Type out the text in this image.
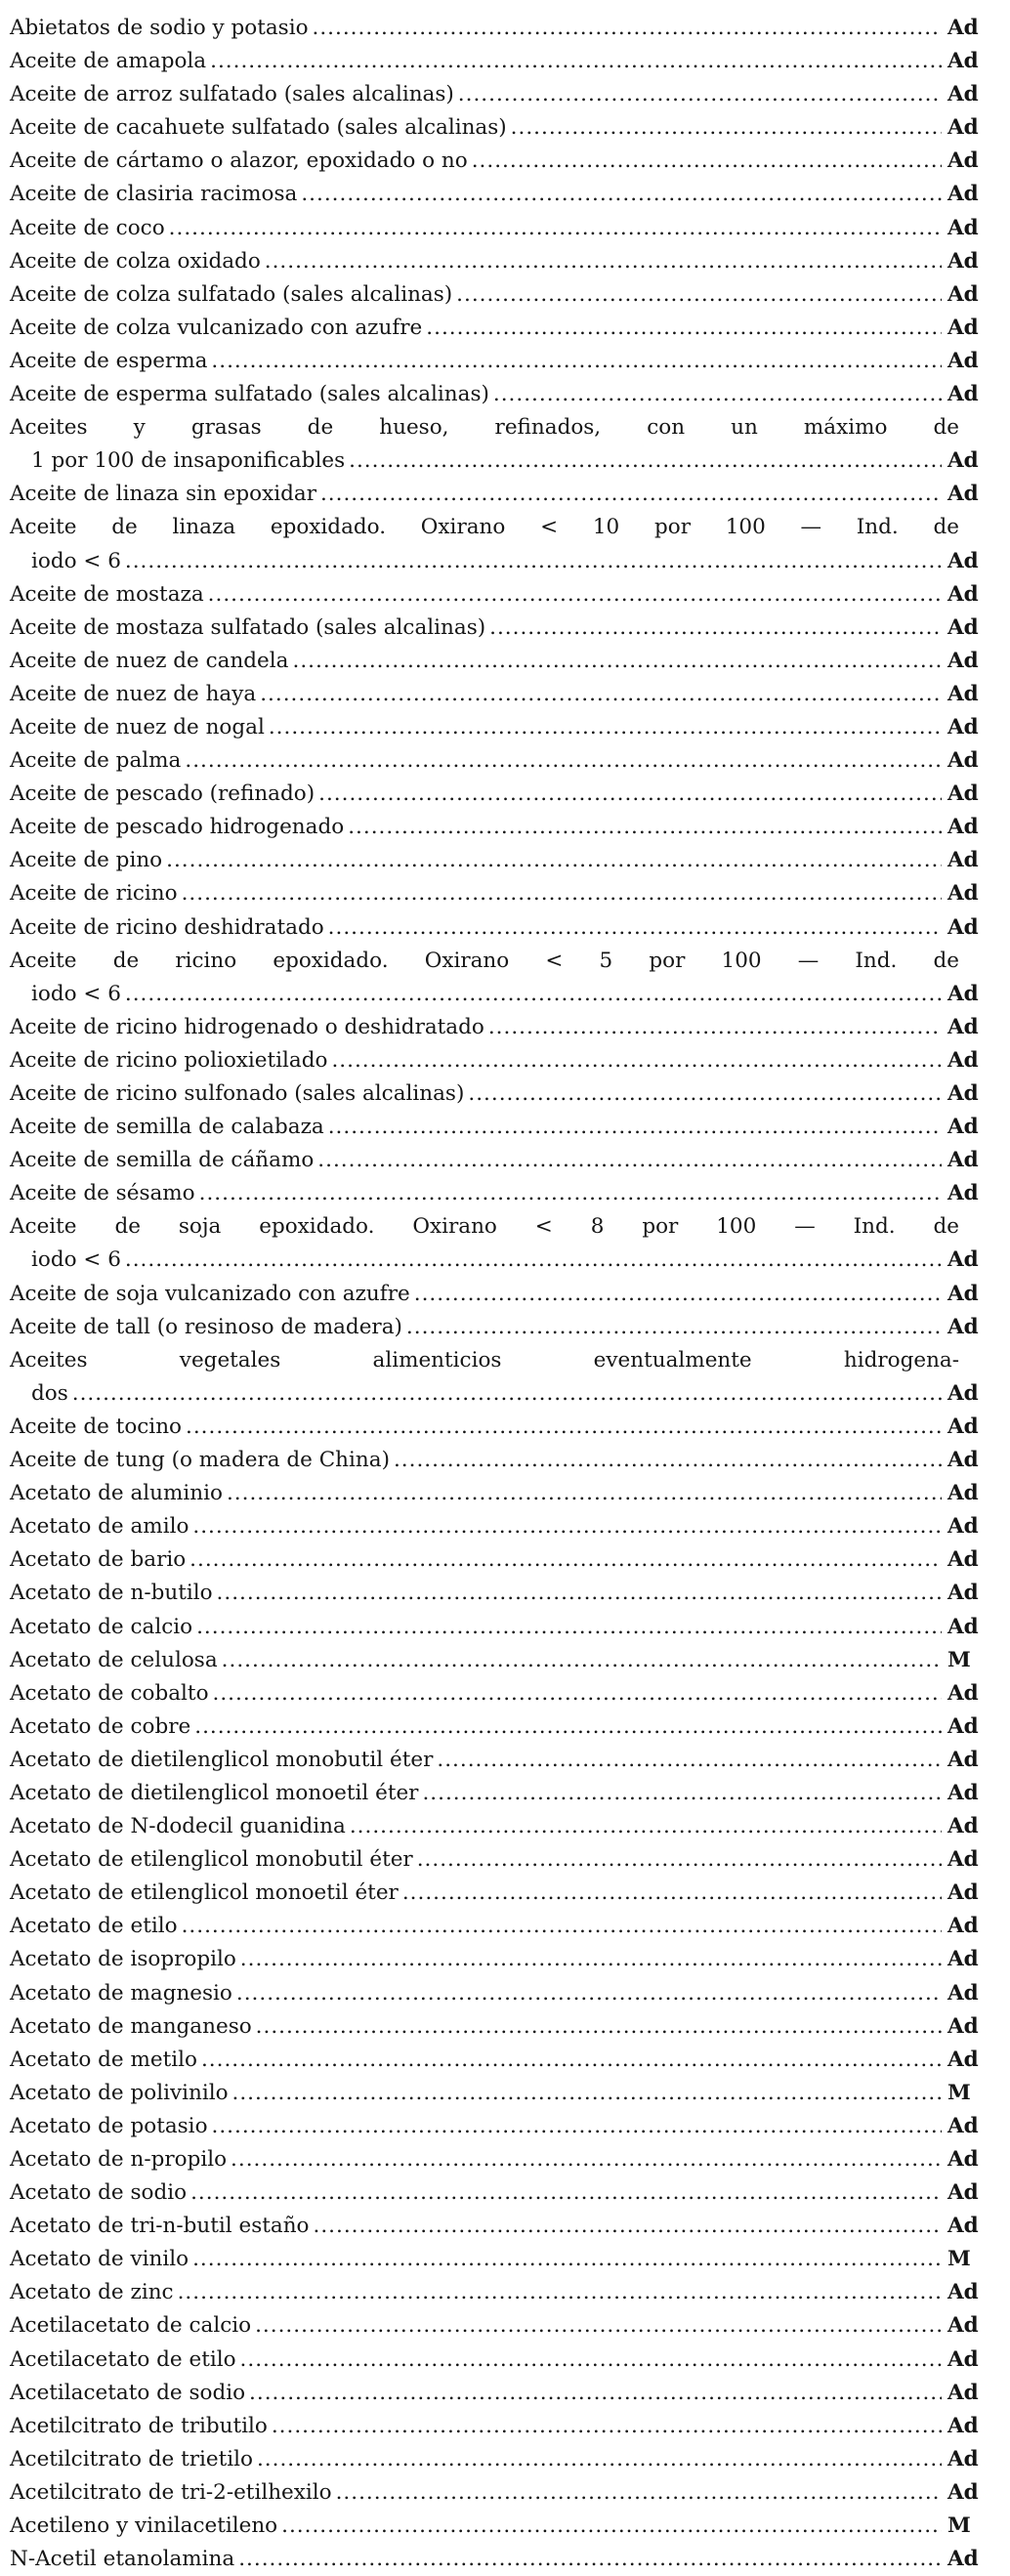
Abietatos de sodio y potasio .....	Ad
Aceite de amapola .....	Ad
Aceite de arroz sulfatado (sales alcalinas) .....	Ad
Aceite de cacahuete sulfatado (sales alcalinas) .....	Ad
Aceite de cártamo o alazor, epoxidado o no .....	Ad
Aceite de clasiria racimosa .....	Ad
Aceite de coco .....	Ad
Aceite de colza oxidado .....	Ad
Aceite de colza sulfatado (sales alcalinas) .....	Ad
Aceite de colza vulcanizado con azufre .....	Ad
Aceite de esperma .....	Ad
Aceite de esperma sulfatado (sales alcalinas) .....	Ad
Aceites y grasas de hueso, refinados, con un máximo de
1 por 100 de insaponificables .....	Ad
Aceite de linaza sin epoxidar .....	Ad
Aceite de linaza epoxidado. Oxirano < 10 por 100 — Ind. de
iodo < 6 .....	Ad
Aceite de mostaza .....	Ad
Aceite de mostaza sulfatado (sales alcalinas) .....	Ad
Aceite de nuez de candela .....	Ad
Aceite de nuez de haya .....	Ad
Aceite de nuez de nogal .....	Ad
Aceite de palma .....	Ad
Aceite de pescado (refinado) .....	Ad
Aceite de pescado hidrogenado .....	Ad
Aceite de pino .....	Ad
Aceite de ricino .....	Ad
Aceite de ricino deshidratado .....	Ad
Aceite de ricino epoxidado. Oxirano < 5 por 100 — Ind. de
iodo < 6 .....	Ad
Aceite de ricino hidrogenado o deshidratado .....	Ad
Aceite de ricino polioxietilado .....	Ad
Aceite de ricino sulfonado (sales alcalinas) .....	Ad
Aceite de semilla de calabaza .....	Ad
Aceite de semilla de cáñamo .....	Ad
Aceite de sésamo .....	Ad
Aceite de soja epoxidado. Oxirano < 8 por 100 — Ind. de
iodo < 6 .....	Ad
Aceite de soja vulcanizado con azufre .....	Ad
Aceite de tall (o resinoso de madera) .....	Ad
Aceites vegetales alimenticios eventualmente hidrogena-
dos .....	Ad
Aceite de tocino .....	Ad
Aceite de tung (o madera de China) .....	Ad
Acetato de aluminio .....	Ad
Acetato de amilo .....	Ad
Acetato de bario .....	Ad
Acetato de n-butilo .....	Ad
Acetato de calcio .....	Ad
Acetato de celulosa .....	M
Acetato de cobalto .....	Ad
Acetato de cobre .....	Ad
Acetato de dietilenglicol monobutil éter .....	Ad
Acetato de dietilenglicol monoetil éter .....	Ad
Acetato de N-dodecil guanidina .....	Ad
Acetato de etilenglicol monobutil éter .....	Ad
Acetato de etilenglicol monoetil éter .....	Ad
Acetato de etilo .....	Ad
Acetato de isopropilo .....	Ad
Acetato de magnesio .....	Ad
Acetato de manganeso .....	Ad
Acetato de metilo .....	Ad
Acetato de polivinilo .....	M
Acetato de potasio .....	Ad
Acetato de n-propilo .....	Ad
Acetato de sodio .....	Ad
Acetato de tri-n-butil estaño .....	Ad
Acetato de vinilo .....	M
Acetato de zinc .....	Ad
Acetilacetato de calcio .....	Ad
Acetilacetato de etilo .....	Ad
Acetilacetato de sodio .....	Ad
Acetilcitrato de tributilo .....	Ad
Acetilcitrato de trietilo .....	Ad
Acetilcitrato de tri-2-etilhexilo .....	Ad
Acetileno y vinilacetileno .....	M
N-Acetil etanolamina .....	Ad
